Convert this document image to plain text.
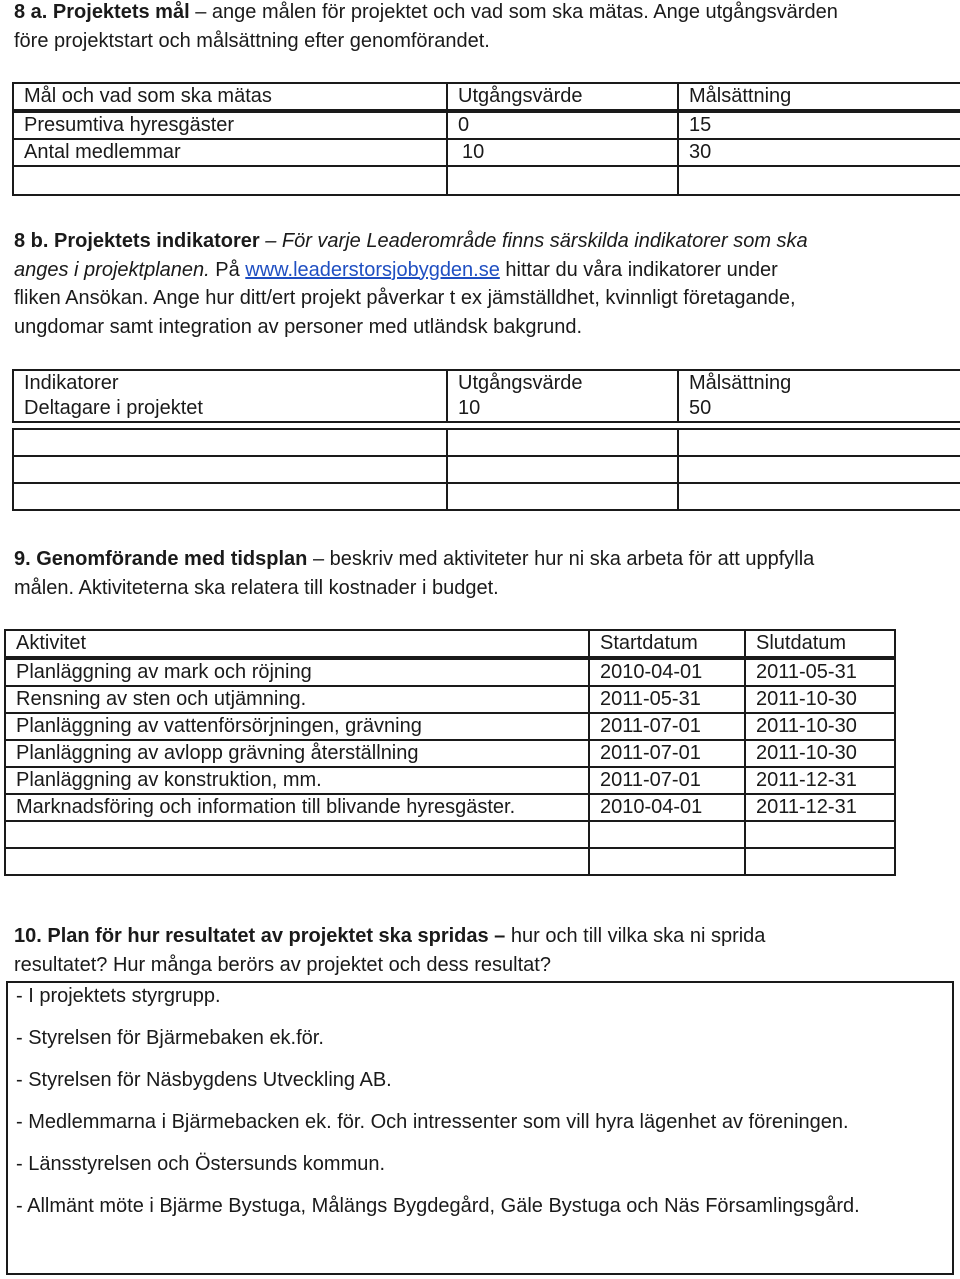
8 a. Projektets mål – ange målen för projektet och vad som ska mätas. Ange utgångsvärden
före projektstart och målsättning efter genomförandet.

Mål och vad som ska mätas	Utgångsvärde	Målsättning
Presumtiva hyresgäster	0	15
Antal medlemmar	10	30

8 b. Projektets indikatorer – För varje Leaderområde finns särskilda indikatorer som ska
anges i projektplanen. På www.leaderstorsjobygden.se hittar du våra indikatorer under
fliken Ansökan. Ange hur ditt/ert projekt påverkar t ex jämställdhet, kvinnligt företagande,
ungdomar samt integration av personer med utländsk bakgrund.

Indikatorer	Utgångsvärde	Målsättning
Deltagare i projektet	10	50

9. Genomförande med tidsplan – beskriv med aktiviteter hur ni ska arbeta för att uppfylla
målen. Aktiviteterna ska relatera till kostnader i budget.

Aktivitet	Startdatum	Slutdatum
Planläggning av mark och röjning	2010-04-01	2011-05-31
Rensning av sten och utjämning.	2011-05-31	2011-10-30
Planläggning av vattenförsörjningen, grävning	2011-07-01	2011-10-30
Planläggning av avlopp grävning återställning	2011-07-01	2011-10-30
Planläggning av konstruktion, mm.	2011-07-01	2011-12-31
Marknadsföring och information till blivande hyresgäster.	2010-04-01	2011-12-31

10. Plan för hur resultatet av projektet ska spridas – hur och till vilka ska ni sprida
resultatet? Hur många berörs av projektet och dess resultat?

- I projektets styrgrupp.
- Styrelsen för Bjärmebaken ek.för.
- Styrelsen för Näsbygdens Utveckling AB.
- Medlemmarna i Bjärmebacken ek. för. Och intressenter som vill hyra lägenhet av föreningen.
- Länsstyrelsen och Östersunds kommun.
- Allmänt möte i Bjärme Bystuga, Målängs Bygdegård, Gäle Bystuga och Näs Församlingsgård.
